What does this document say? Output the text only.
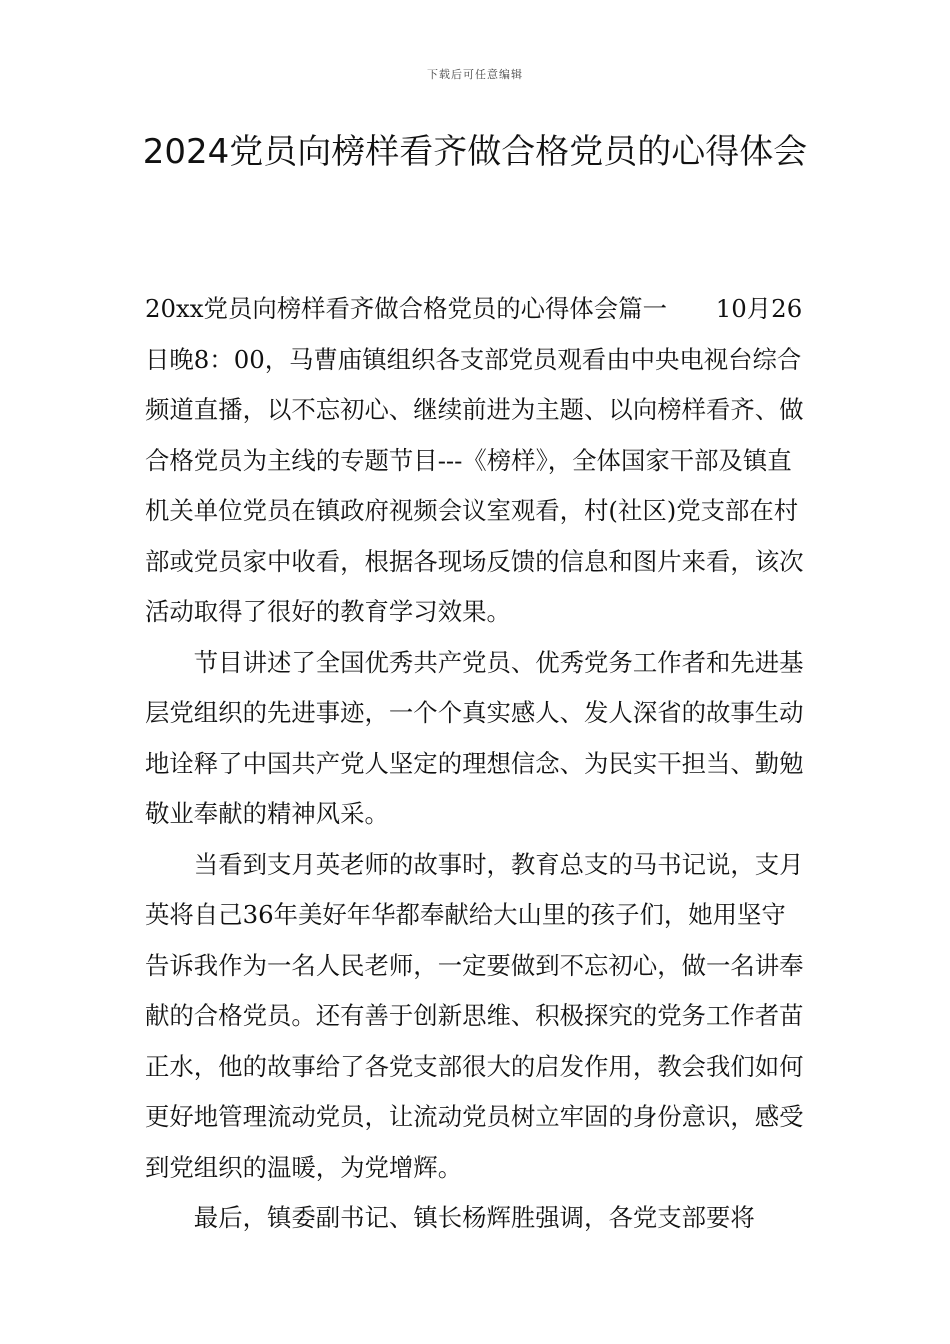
下载后可任意编辑
2024党员向榜样看齐做合格党员的心得体会

20xx党员向榜样看齐做合格党员的心得体会篇一　　10月26日晚8：00，马曹庙镇组织各支部党员观看由中央电视台综合频道直播，以不忘初心、继续前进为主题、以向榜样看齐、做合格党员为主线的专题节目---《榜样》，全体国家干部及镇直机关单位党员在镇政府视频会议室观看，村(社区)党支部在村部或党员家中收看，根据各现场反馈的信息和图片来看，该次活动取得了很好的教育学习效果。

节目讲述了全国优秀共产党员、优秀党务工作者和先进基层党组织的先进事迹，一个个真实感人、发人深省的故事生动地诠释了中国共产党人坚定的理想信念、为民实干担当、勤勉敬业奉献的精神风采。

当看到支月英老师的故事时，教育总支的马书记说，支月英将自己36年美好年华都奉献给大山里的孩子们，她用坚守告诉我作为一名人民老师，一定要做到不忘初心，做一名讲奉献的合格党员。还有善于创新思维、积极探究的党务工作者苗正水，他的故事给了各党支部很大的启发作用，教会我们如何更好地管理流动党员，让流动党员树立牢固的身份意识，感受到党组织的温暖，为党增辉。

最后，镇委副书记、镇长杨辉胜强调，各党支部要将
